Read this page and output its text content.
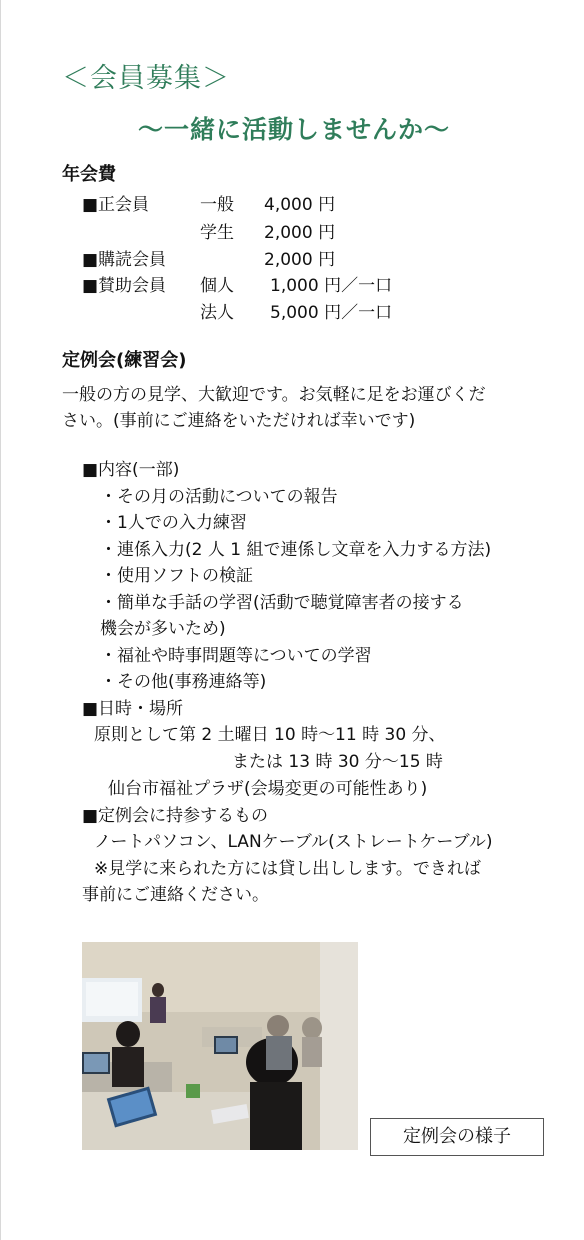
＜会員募集＞
～一緒に活動しませんか～
年会費
■正会員	一般 4,000 円
学生 2,000 円
■購読会員	2,000 円
■賛助会員 個人 1,000 円／一口
法人 5,000 円／一口
定例会(練習会)
一般の方の見学、大歓迎です。お気軽に足をお運びくだ
さい。(事前にご連絡をいただければ幸いです)
■内容(一部)
・その月の活動についての報告
・1人での入力練習
・連係入力(2 人 1 組で連係し文章を入力する方法)
・使用ソフトの検証
・簡単な手話の学習(活動で聴覚障害者の接する
機会が多いため)
・福祉や時事問題等についての学習
・その他(事務連絡等)
■日時・場所
原則として第 2 土曜日 10 時～11 時 30 分、
または 13 時 30 分～15 時
仙台市福祉プラザ(会場変更の可能性あり)
■定例会に持参するもの
ノートパソコン、LANケーブル(ストレートケーブル)
※見学に来られた方には貸し出しします。できれば
事前にご連絡ください。
定例会の様子
